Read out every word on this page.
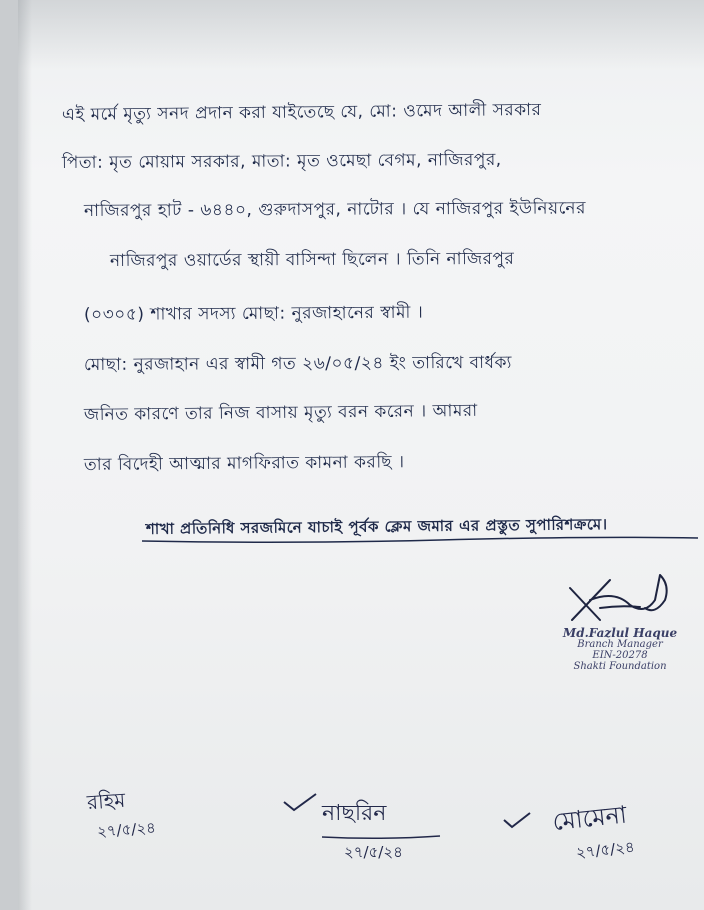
এই মর্মে মৃত্যু সনদ প্রদান করা যাইতেছে যে, মো: ওমেদ আলী সরকার
পিতা: মৃত মোয়াম সরকার, মাতা: মৃত ওমেছা বেগম, নাজিরপুর,
নাজিরপুর হাট - ৬৪৪০, গুরুদাসপুর, নাটোর । যে নাজিরপুর ইউনিয়নের
নাজিরপুর ওয়ার্ডের স্থায়ী বাসিন্দা ছিলেন । তিনি নাজিরপুর
(০৩০৫) শাখার সদস্য মোছা: নুরজাহানের স্বামী ।
মোছা: নুরজাহান এর স্বামী গত ২৬/০৫/২৪ ইং তারিখে বার্ধক্য
জনিত কারণে তার নিজ বাসায় মৃত্যু বরন করেন । আমরা
তার বিদেহী আত্মার মাগফিরাত কামনা করছি ।
শাখা প্রতিনিধি সরজমিনে যাচাই পূর্বক ক্লেম জমার এর প্রস্তুত সুপারিশক্রমে।
Md.Fazlul Haque
Branch Manager
EIN-20278
Shakti Foundation
রহিম
২৭/৫/২৪
নাছরিন
২৭/৫/২৪
মোমেনা
২৭/৫/২৪
